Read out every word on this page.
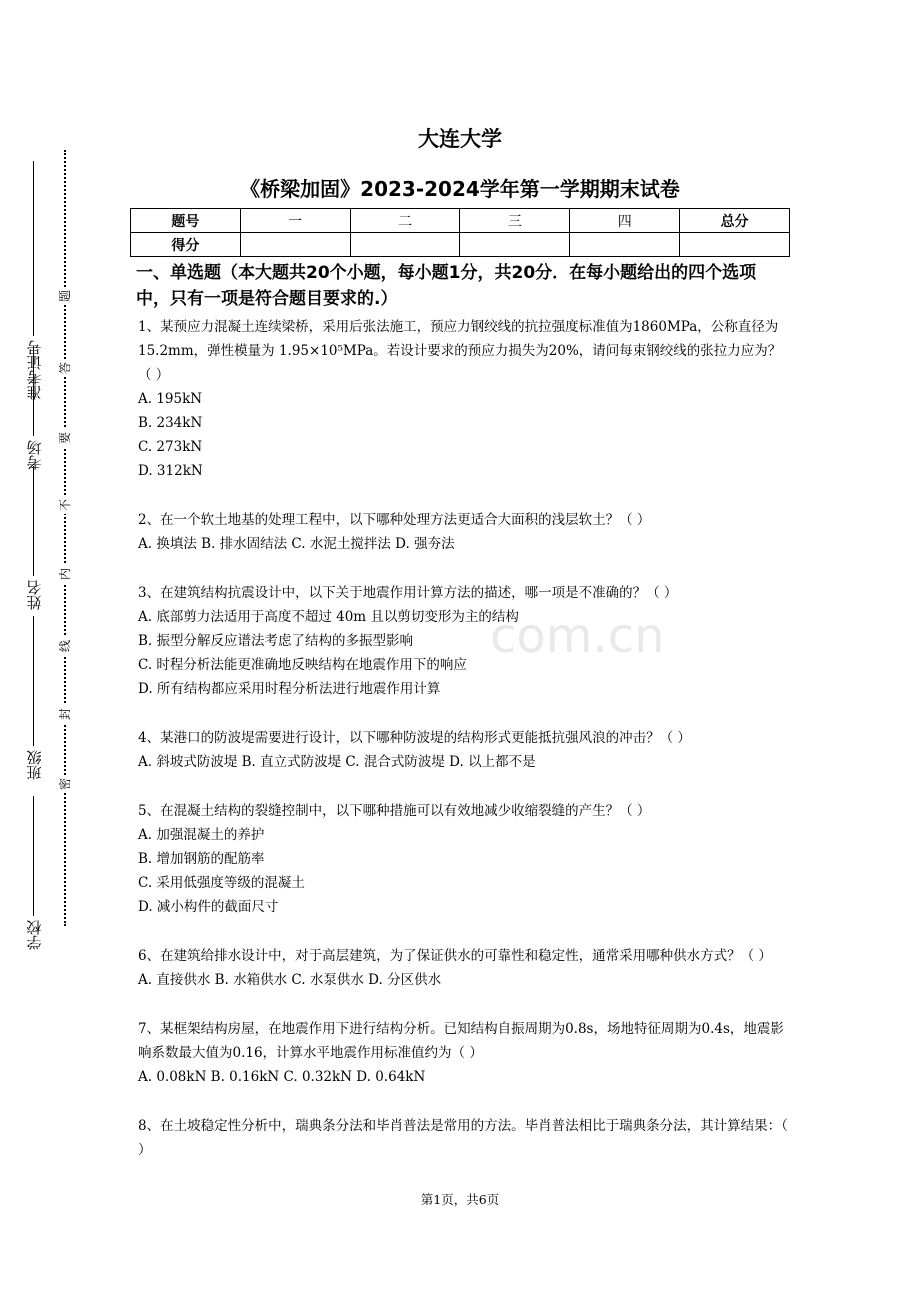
学校
班级
姓名
考场
准考证号
密
封
线
内
不
要
答
题
com.cn
大连大学
《桥梁加固》2023-2024学年第一学期期末试卷
题号	一	二	三	四	总分
得分					
一、单选题（本大题共20个小题，每小题1分，共20分．在每小题给出的四个选项中，只有一项是符合题目要求的.）

1、某预应力混凝土连续梁桥，采用后张法施工，预应力钢绞线的抗拉强度标准值为1860MPa，公称直径为 15.2mm，弹性模量为 1.95×10⁵MPa。若设计要求的预应力损失为20%，请问每束钢绞线的张拉力应为？（ ）

A. 195kN

B. 234kN

C. 273kN

D. 312kN

2、在一个软土地基的处理工程中，以下哪种处理方法更适合大面积的浅层软土？（ ）

A. 换填法 B. 排水固结法 C. 水泥土搅拌法 D. 强夯法

3、在建筑结构抗震设计中，以下关于地震作用计算方法的描述，哪一项是不准确的？（ ）

A. 底部剪力法适用于高度不超过 40m 且以剪切变形为主的结构

B. 振型分解反应谱法考虑了结构的多振型影响

C. 时程分析法能更准确地反映结构在地震作用下的响应

D. 所有结构都应采用时程分析法进行地震作用计算

4、某港口的防波堤需要进行设计，以下哪种防波堤的结构形式更能抵抗强风浪的冲击？（ ）

A. 斜坡式防波堤 B. 直立式防波堤 C. 混合式防波堤 D. 以上都不是

5、在混凝土结构的裂缝控制中，以下哪种措施可以有效地减少收缩裂缝的产生？（ ）

A. 加强混凝土的养护

B. 增加钢筋的配筋率

C. 采用低强度等级的混凝土

D. 减小构件的截面尺寸

6、在建筑给排水设计中，对于高层建筑，为了保证供水的可靠性和稳定性，通常采用哪种供水方式？（ ）

A. 直接供水 B. 水箱供水 C. 水泵供水 D. 分区供水

7、某框架结构房屋，在地震作用下进行结构分析。已知结构自振周期为0.8s，场地特征周期为0.4s，地震影响系数最大值为0.16，计算水平地震作用标准值约为（ ）

A. 0.08kN B. 0.16kN C. 0.32kN D. 0.64kN

8、在土坡稳定性分析中，瑞典条分法和毕肖普法是常用的方法。毕肖普法相比于瑞典条分法，其计算结果：（ ）

第1页，共6页
